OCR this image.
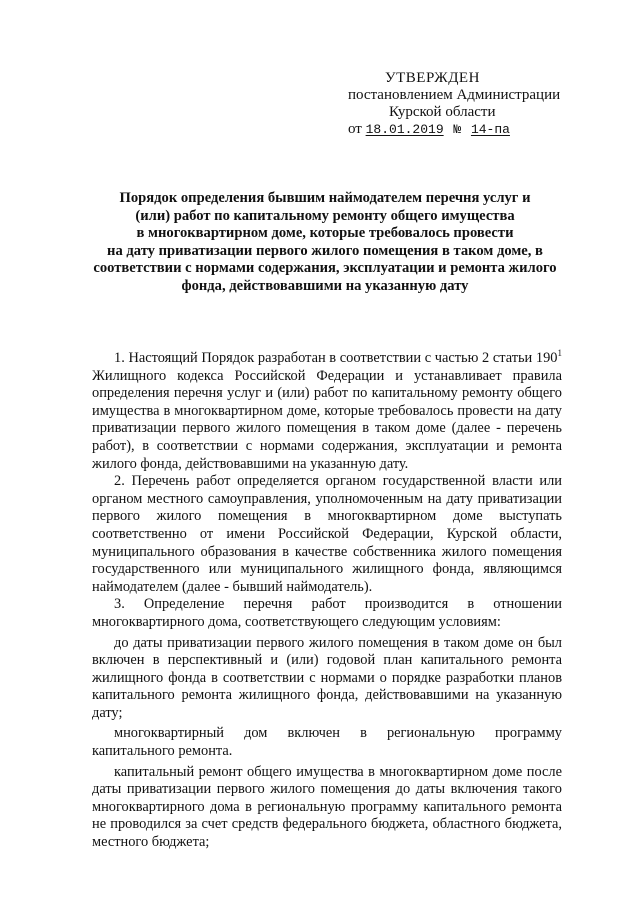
УТВЕРЖДЕН
постановлением Администрации
Курской области
от 18.01.2019 № 14-па
Порядок определения бывшим наймодателем перечня услуг и
(или) работ по капитальному ремонту общего имущества
в многоквартирном доме, которые требовалось провести
на дату приватизации первого жилого помещения в таком доме, в
соответствии с нормами содержания, эксплуатации и ремонта жилого
фонда, действовавшими на указанную дату

1. Настоящий Порядок разработан в соответствии с частью 2 статьи $190^1$ Жилищного кодекса Российской Федерации и устанавливает правила определения перечня услуг и (или) работ по капитальному ремонту общего имущества в многоквартирном доме, которые требовалось провести на дату приватизации первого жилого помещения в таком доме (далее - перечень работ), в соответствии с нормами содержания, эксплуатации и ремонта жилого фонда, действовавшими на указанную дату.

2. Перечень работ определяется органом государственной власти или органом местного самоуправления, уполномоченным на дату приватизации первого жилого помещения в многоквартирном доме выступать соответственно от имени Российской Федерации, Курской области, муниципального образования в качестве собственника жилого помещения государственного или муниципального жилищного фонда, являющимся наймодателем (далее - бывший наймодатель).

3. Определение перечня работ производится в отношении многоквартирного дома, соответствующего следующим условиям:

до даты приватизации первого жилого помещения в таком доме он был включен в перспективный и (или) годовой план капитального ремонта жилищного фонда в соответствии с нормами о порядке разработки планов капитального ремонта жилищного фонда, действовавшими на указанную дату;

многоквартирный дом включен в региональную программу капитального ремонта.

капитальный ремонт общего имущества в многоквартирном доме после даты приватизации первого жилого помещения до даты включения такого многоквартирного дома в региональную программу капитального ремонта не проводился за счет средств федерального бюджета, областного бюджета, местного бюджета;
